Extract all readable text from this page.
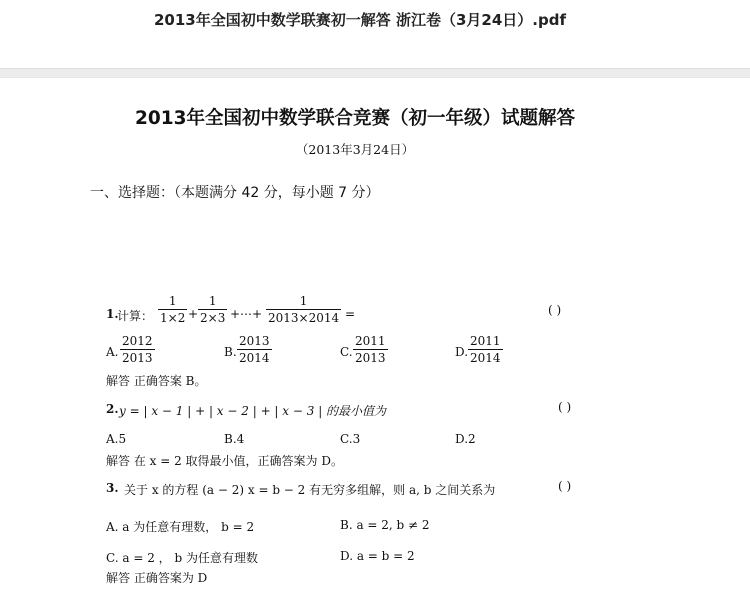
2013年全国初中数学联赛初一解答 浙江卷（3月24日）.pdf
2013年全国初中数学联合竞赛（初一年级）试题解答
（2013年3月24日）
一、选择题：（本题满分 42 分，每小题 7 分）
1.
计算： $\frac{1}{1\times 2} + \frac{1}{2\times 3}$ +⋯+ $\frac{1}{2013\times 2014}$ =	( )
A. $\frac{2012}{2013}$	B. $\frac{2013}{2014}$	C. $\frac{2011}{2013}$	D. $\frac{2011}{2014}$
解答 正确答案 B。
2. y = | x − 1 | + | x − 2 | + | x − 3 | 的最小值为	( )
A.5	B.4	C.3	D.2
解答 在 x = 2 取得最小值，正确答案为 D。
3. 关于 x 的方程 (a − 2) x = b − 2 有无穷多组解，则 a, b 之间关系为	( )
A. a 为任意有理数， b = 2	B. a = 2, b ≠ 2
C. a = 2 ， b 为任意有理数	D. a = b = 2
解答 正确答案为 D
